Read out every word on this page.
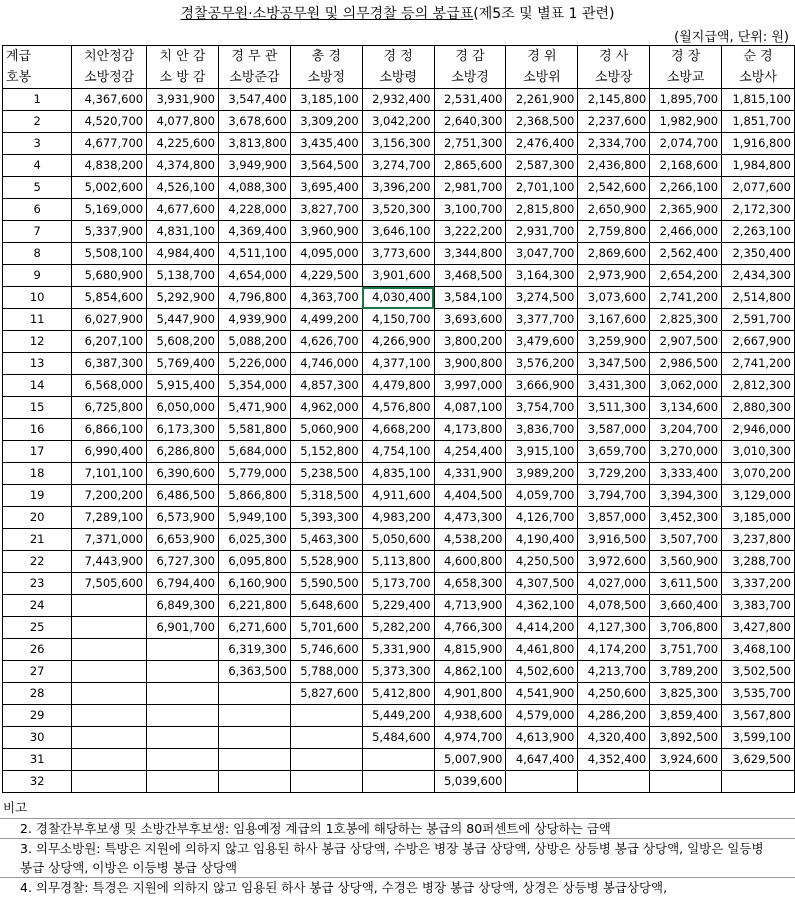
경찰공무원·소방공무원 및 의무경찰 등의 봉급표(제5조 및 별표 1 관련)
(월지급액, 단위: 원)
계급	치안정감	치 안 감	경 무 관	총 경	경 정	경 감	경 위	경 사	경 장	순 경
호봉	소방정감	소 방 감	소방준감	소방정	소방령	소방경	소방위	소방장	소방교	소방사
1	4,367,600	3,931,900	3,547,400	3,185,100	2,932,400	2,531,400	2,261,900	2,145,800	1,895,700	1,815,100
2	4,520,700	4,077,800	3,678,600	3,309,200	3,042,200	2,640,300	2,368,500	2,237,600	1,982,900	1,851,700
3	4,677,700	4,225,600	3,813,800	3,435,400	3,156,300	2,751,300	2,476,400	2,334,700	2,074,700	1,916,800
4	4,838,200	4,374,800	3,949,900	3,564,500	3,274,700	2,865,600	2,587,300	2,436,800	2,168,600	1,984,800
5	5,002,600	4,526,100	4,088,300	3,695,400	3,396,200	2,981,700	2,701,100	2,542,600	2,266,100	2,077,600
6	5,169,000	4,677,600	4,228,000	3,827,700	3,520,300	3,100,700	2,815,800	2,650,900	2,365,900	2,172,300
7	5,337,900	4,831,100	4,369,400	3,960,900	3,646,100	3,222,200	2,931,700	2,759,800	2,466,000	2,263,100
8	5,508,100	4,984,400	4,511,100	4,095,000	3,773,600	3,344,800	3,047,700	2,869,600	2,562,400	2,350,400
9	5,680,900	5,138,700	4,654,000	4,229,500	3,901,600	3,468,500	3,164,300	2,973,900	2,654,200	2,434,300
10	5,854,600	5,292,900	4,796,800	4,363,700	4,030,400	3,584,100	3,274,500	3,073,600	2,741,200	2,514,800
11	6,027,900	5,447,900	4,939,900	4,499,200	4,150,700	3,693,600	3,377,700	3,167,600	2,825,300	2,591,700
12	6,207,100	5,608,200	5,088,200	4,626,700	4,266,900	3,800,200	3,479,600	3,259,900	2,907,500	2,667,900
13	6,387,300	5,769,400	5,226,000	4,746,000	4,377,100	3,900,800	3,576,200	3,347,500	2,986,500	2,741,200
14	6,568,000	5,915,400	5,354,000	4,857,300	4,479,800	3,997,000	3,666,900	3,431,300	3,062,000	2,812,300
15	6,725,800	6,050,000	5,471,900	4,962,000	4,576,800	4,087,100	3,754,700	3,511,300	3,134,600	2,880,300
16	6,866,100	6,173,300	5,581,800	5,060,900	4,668,200	4,173,800	3,836,700	3,587,000	3,204,700	2,946,000
17	6,990,400	6,286,800	5,684,000	5,152,800	4,754,100	4,254,400	3,915,100	3,659,700	3,270,000	3,010,300
18	7,101,100	6,390,600	5,779,000	5,238,500	4,835,100	4,331,900	3,989,200	3,729,200	3,333,400	3,070,200
19	7,200,200	6,486,500	5,866,800	5,318,500	4,911,600	4,404,500	4,059,700	3,794,700	3,394,300	3,129,000
20	7,289,100	6,573,900	5,949,100	5,393,300	4,983,200	4,473,300	4,126,700	3,857,000	3,452,300	3,185,000
21	7,371,000	6,653,900	6,025,300	5,463,300	5,050,600	4,538,200	4,190,400	3,916,500	3,507,700	3,237,800
22	7,443,900	6,727,300	6,095,800	5,528,900	5,113,800	4,600,800	4,250,500	3,972,600	3,560,900	3,288,700
23	7,505,600	6,794,400	6,160,900	5,590,500	5,173,700	4,658,300	4,307,500	4,027,000	3,611,500	3,337,200
24		6,849,300	6,221,800	5,648,600	5,229,400	4,713,900	4,362,100	4,078,500	3,660,400	3,383,700
25		6,901,700	6,271,600	5,701,600	5,282,200	4,766,300	4,414,200	4,127,300	3,706,800	3,427,800
26			6,319,300	5,746,600	5,331,900	4,815,900	4,461,800	4,174,200	3,751,700	3,468,100
27			6,363,500	5,788,000	5,373,300	4,862,100	4,502,600	4,213,700	3,789,200	3,502,500
28				5,827,600	5,412,800	4,901,800	4,541,900	4,250,600	3,825,300	3,535,700
29					5,449,200	4,938,600	4,579,000	4,286,200	3,859,400	3,567,800
30					5,484,600	4,974,700	4,613,900	4,320,400	3,892,500	3,599,100
31						5,007,900	4,647,400	4,352,400	3,924,600	3,629,500
32						5,039,600				
비고
2. 경찰간부후보생 및 소방간부후보생: 임용예정 계급의 1호봉에 해당하는 봉급의 80퍼센트에 상당하는 금액
3. 의무소방원: 특방은 지원에 의하지 않고 임용된 하사 봉급 상당액, 수방은 병장 봉급 상당액, 상방은 상등병 봉급 상당액, 일방은 일등병 봉급 상당액, 이방은 이등병 봉급 상당액
4. 의무경찰: 특경은 지원에 의하지 않고 임용된 하사 봉급 상당액, 수경은 병장 봉급 상당액, 상경은 상등병 봉급상당액,
